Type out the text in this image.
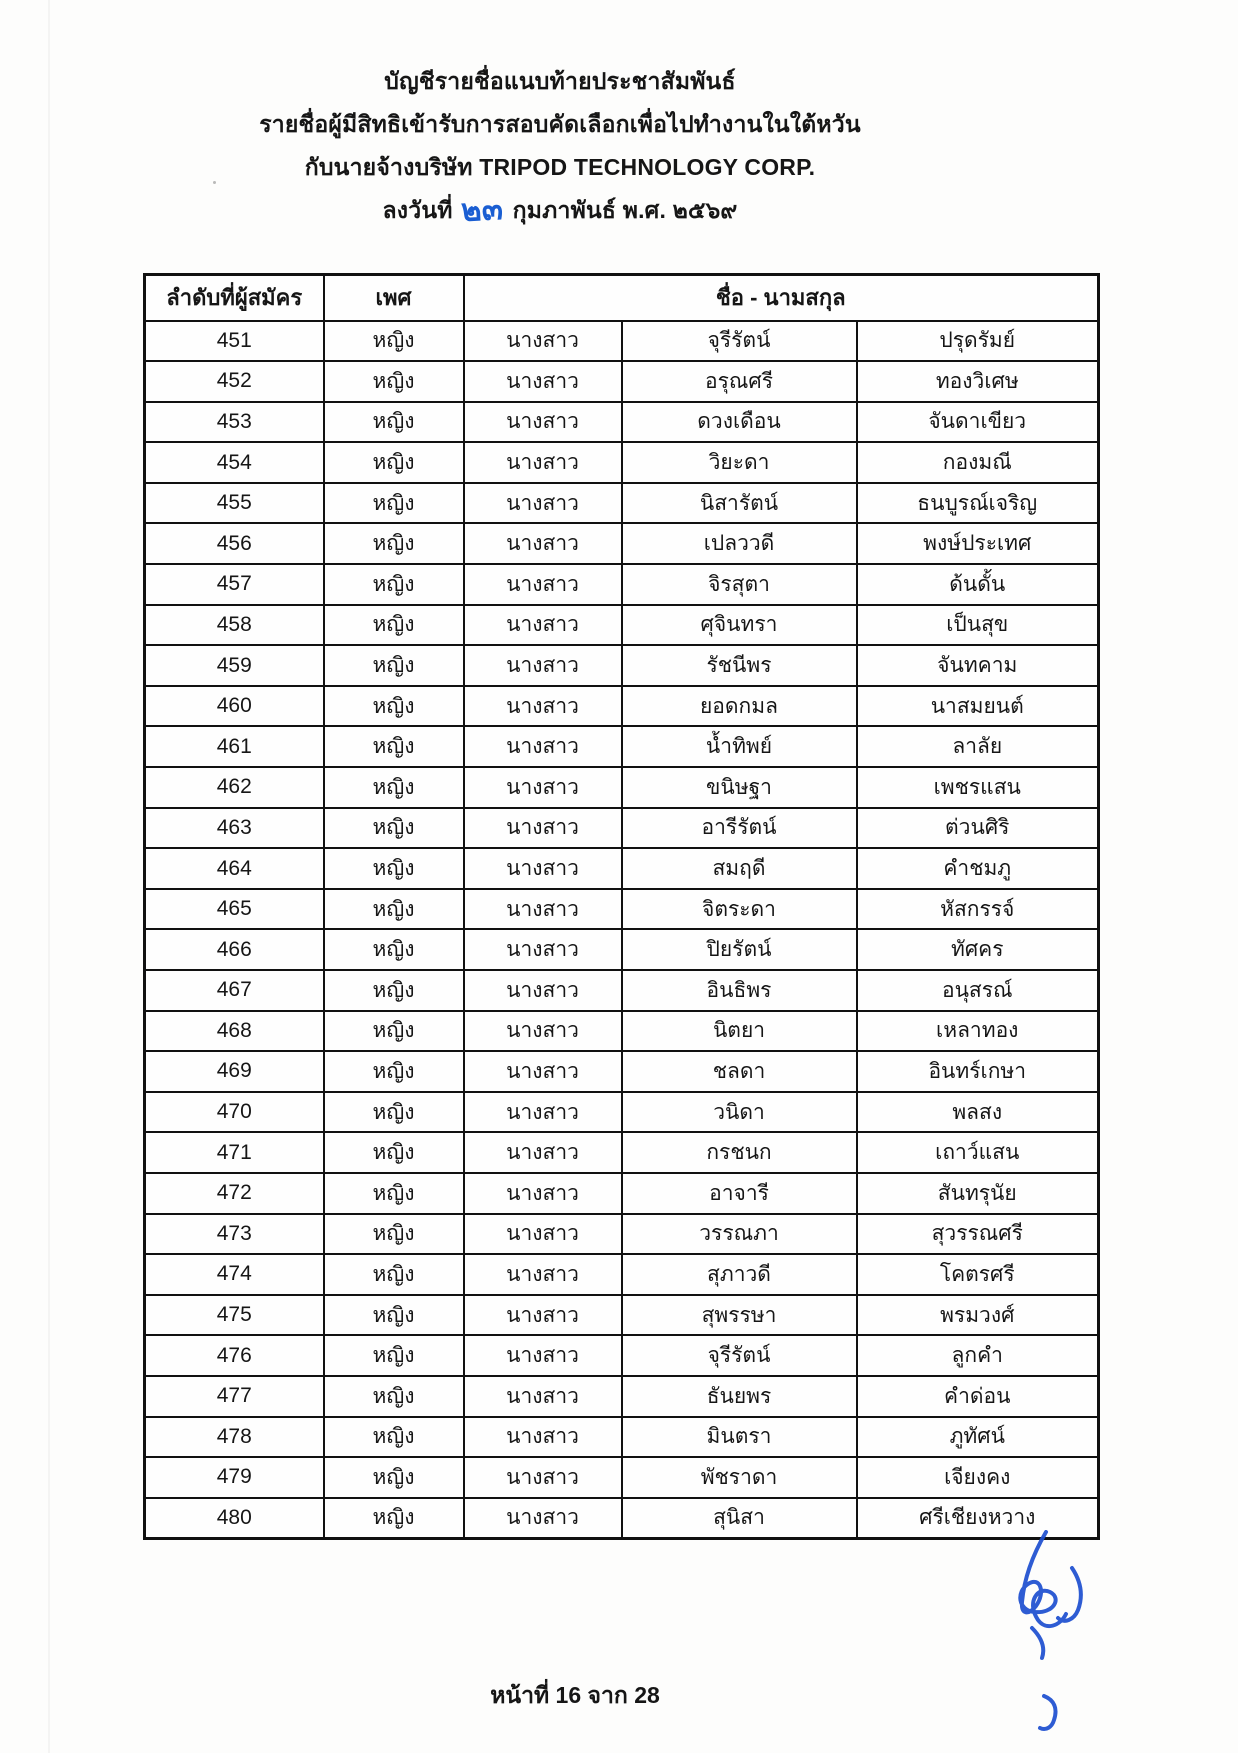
บัญชีรายชื่อแนบท้ายประชาสัมพันธ์
รายชื่อผู้มีสิทธิเข้ารับการสอบคัดเลือกเพื่อไปทำงานในใต้หวัน
กับนายจ้างบริษัท TRIPOD TECHNOLOGY CORP.
ลงวันที่ ๒๓ กุมภาพันธ์ พ.ศ. ๒๕๖๙
ลำดับที่ผู้สมัคร	เพศ	ชื่อ - นามสกุล		
451	หญิง	นางสาว	จุรีรัตน์	ปรุดรัมย์
452	หญิง	นางสาว	อรุณศรี	ทองวิเศษ
453	หญิง	นางสาว	ดวงเดือน	จันดาเขียว
454	หญิง	นางสาว	วิยะดา	กองมณี
455	หญิง	นางสาว	นิสารัตน์	ธนบูรณ์เจริญ
456	หญิง	นางสาว	เปลววดี	พงษ์ประเทศ
457	หญิง	นางสาว	จิรสุตา	ด้นดั้น
458	หญิง	นางสาว	ศุจินทรา	เป็นสุข
459	หญิง	นางสาว	รัชนีพร	จันทคาม
460	หญิง	นางสาว	ยอดกมล	นาสมยนต์
461	หญิง	นางสาว	น้ำทิพย์	ลาลัย
462	หญิง	นางสาว	ขนิษฐา	เพชรแสน
463	หญิง	นางสาว	อารีรัตน์	ต่วนศิริ
464	หญิง	นางสาว	สมฤดี	คำชมภู
465	หญิง	นางสาว	จิตระดา	หัสกรรจ์
466	หญิง	นางสาว	ปิยรัตน์	ทัศคร
467	หญิง	นางสาว	อินธิพร	อนุสรณ์
468	หญิง	นางสาว	นิตยา	เหลาทอง
469	หญิง	นางสาว	ชลดา	อินทร์เกษา
470	หญิง	นางสาว	วนิดา	พลสง
471	หญิง	นางสาว	กรชนก	เถาว์แสน
472	หญิง	นางสาว	อาจารี	สันทรุนัย
473	หญิง	นางสาว	วรรณภา	สุวรรณศรี
474	หญิง	นางสาว	สุภาวดี	โคตรศรี
475	หญิง	นางสาว	สุพรรษา	พรมวงศ์
476	หญิง	นางสาว	จุรีรัตน์	ลูกคำ
477	หญิง	นางสาว	ธันยพร	คำด่อน
478	หญิง	นางสาว	มินตรา	ภูทัศน์
479	หญิง	นางสาว	พัชราดา	เจียงคง
480	หญิง	นางสาว	สุนิสา	ศรีเชียงหวาง
หน้าที่ 16 จาก 28
